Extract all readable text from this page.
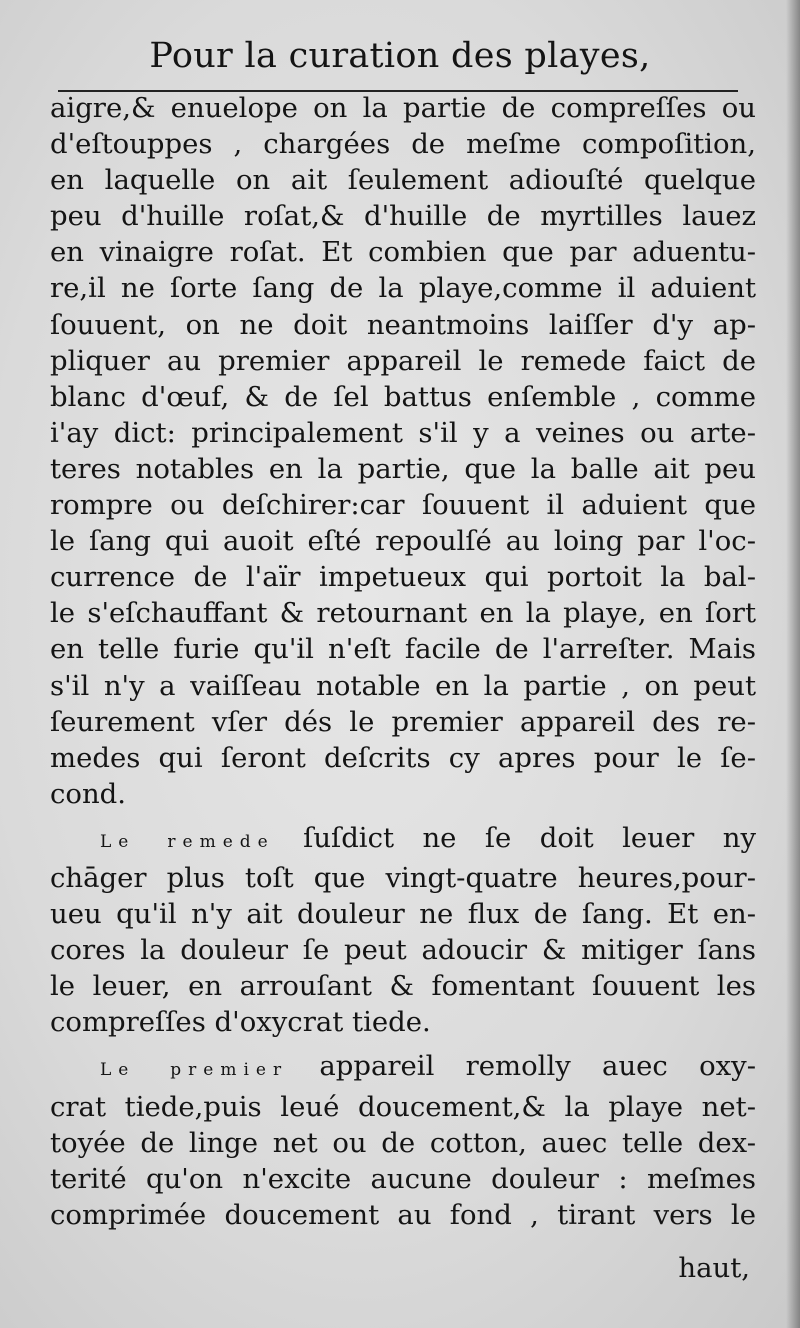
Pour la curation des playes,
aigre,& enuelope on la partie de compreſſes ou
d'eſtouppes , chargées de meſme compoſition,
en laquelle on ait ſeulement adiouſté quelque
peu d'huille roſat,& d'huille de myrtilles lauez
en vinaigre roſat. Et combien que par aduentu-
re,il ne ſorte ſang de la playe,comme il aduient
ſouuent, on ne doit neantmoins laiſſer d'y ap-
pliquer au premier appareil le remede faict de
blanc d'œuf, & de ſel battus enſemble , comme
i'ay dict: principalement s'il y a veines ou arte-
teres notables en la partie, que la balle ait peu
rompre ou deſchirer:car ſouuent il aduient que
le ſang qui auoit eſté repoulſé au loing par l'oc-
currence de l'aïr impetueux qui portoit la bal-
le s'eſchauffant & retournant en la playe, en ſort
en telle furie qu'il n'eſt facile de l'arreſter. Mais
s'il n'y a vaiſſeau notable en la partie , on peut
ſeurement vſer dés le premier appareil des re-
medes qui ſeront deſcrits cy apres pour le ſe-
cond.
Le remede ſuſdict ne ſe doit leuer ny
chāger plus toſt que vingt-quatre heures,pour-
ueu qu'il n'y ait douleur ne flux de ſang. Et en-
cores la douleur ſe peut adoucir & mitiger ſans
le leuer, en arrouſant & fomentant ſouuent les
compreſſes d'oxycrat tiede.
Le premier appareil remolly auec oxy-
crat tiede,puis leué doucement,& la playe net-
toyée de linge net ou de cotton, auec telle dex-
terité qu'on n'excite aucune douleur : meſmes
comprimée doucement au fond , tirant vers le
haut,
